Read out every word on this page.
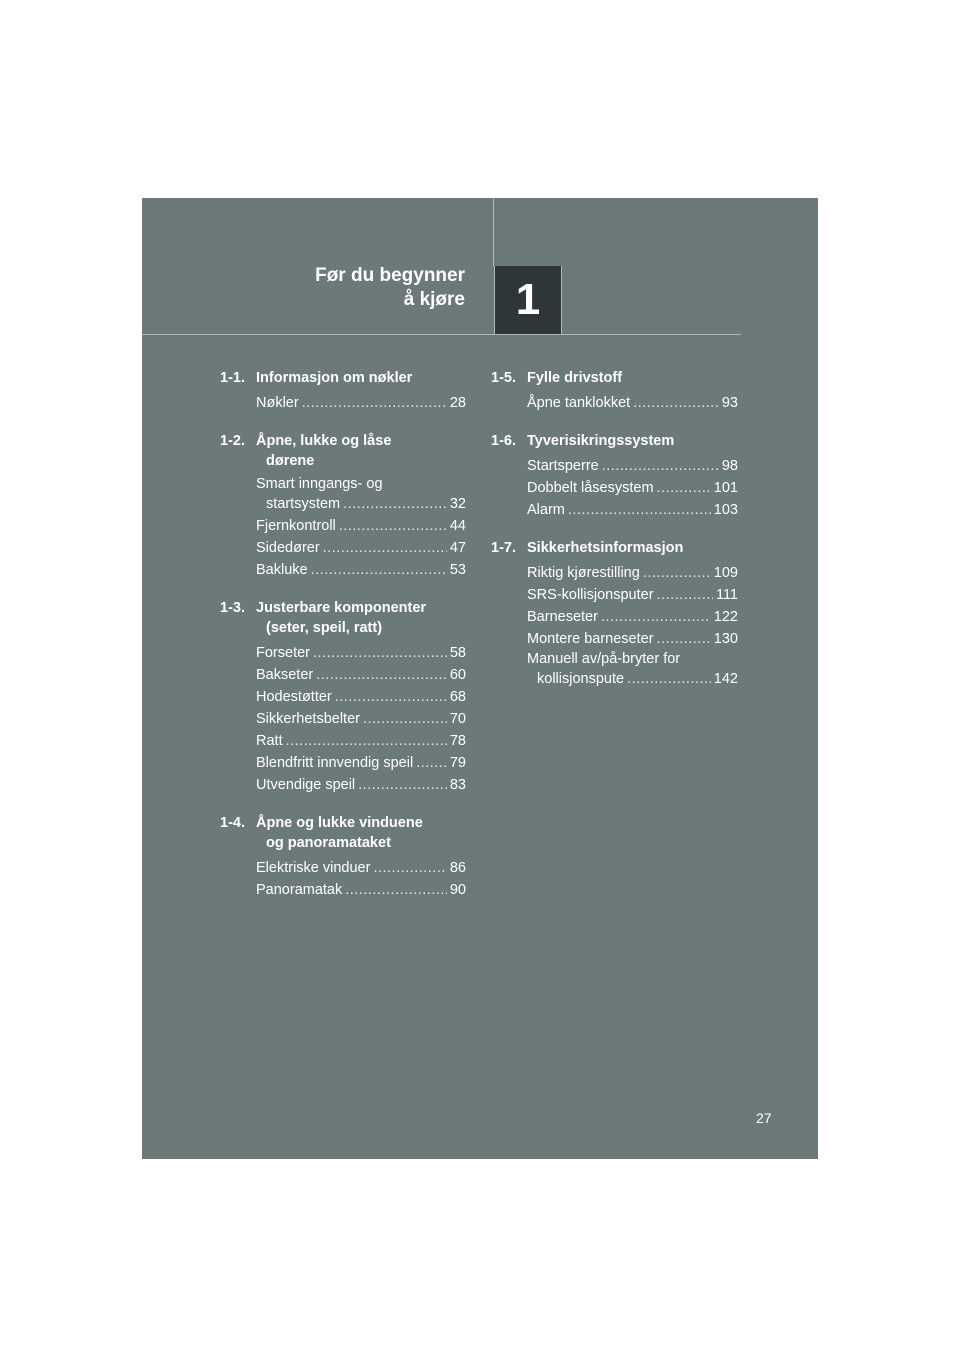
Før du begynner
å kjøre	1
1-1. Informasjon om nøkler
Nøkler .....	28
1-2. Åpne, lukke og låse
dørene
Smart inngangs- og
startsystem .....	32
Fjernkontroll .....	44
Sidedører .....	47
Bakluke .....	53
1-3. Justerbare komponenter
(seter, speil, ratt)
Forseter .....	58
Bakseter .....	60
Hodestøtter .....	68
Sikkerhetsbelter .....	70
Ratt .....	78
Blendfritt innvendig speil .....	79
Utvendige speil .....	83
1-4. Åpne og lukke vinduene
og panoramataket
Elektriske vinduer .....	86
Panoramatak .....	90
1-5. Fylle drivstoff
Åpne tanklokket .....	93
1-6. Tyverisikringssystem
Startsperre .....	98
Dobbelt låsesystem .....	101
Alarm .....	103
1-7. Sikkerhetsinformasjon
Riktig kjørestilling .....	109
SRS-kollisjonsputer .....	111
Barneseter .....	122
Montere barneseter .....	130
Manuell av/på-bryter for
kollisjonspute .....	142
27
